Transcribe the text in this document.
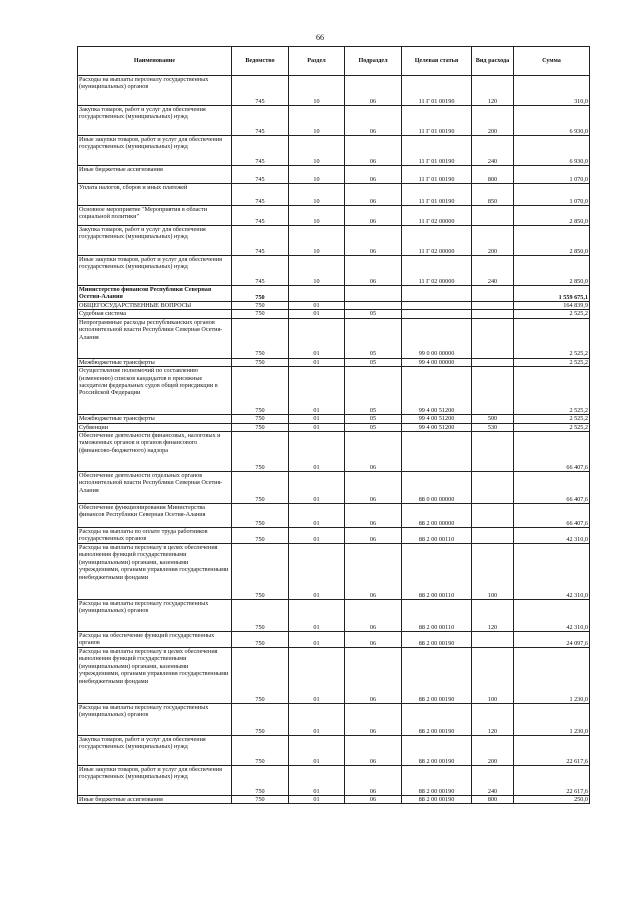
66
Наименование	Ведомство	Раздел	Подраздел	Целевая статья	Вид расхода	Сумма
Расходы на выплаты персоналу государственных (муниципальных) органов	745	10	06	11 Г 01 00190	120	310,0
Закупка товаров, работ и услуг для обеспечения государственных (муниципальных) нужд	745	10	06	11 Г 01 00190	200	6 930,0
Иные закупки товаров, работ и услуг для обеспечения государственных (муниципальных) нужд	745	10	06	11 Г 01 00190	240	6 930,0
Иные бюджетные ассигнования	745	10	06	11 Г 01 00190	800	1 070,0
Уплата налогов, сборов и иных платежей	745	10	06	11 Г 01 00190	850	1 070,0
Основное мероприятие "Мероприятия в области социальной политики"	745	10	06	11 Г 02 00000		2 850,0
Закупка товаров, работ и услуг для обеспечения государственных (муниципальных) нужд	745	10	06	11 Г 02 00000	200	2 850,0
Иные закупки товаров, работ и услуг для обеспечения государственных (муниципальных) нужд	745	10	06	11 Г 02 00000	240	2 850,0
Министерство финансов Республики Северная Осетия-Алания	750					1 559 675,1
ОБЩЕГОСУДАРСТВЕННЫЕ ВОПРОСЫ	750	01				164 839,9
Судебная система	750	01	05			2 525,2
Непрограммные расходы республиканских органов исполнительной власти Республики Северная Осетия-Алания	750	01	05	99 0 00 00000		2 525,2
Межбюджетные трансферты	750	01	05	99 4 00 00000		2 525,2
Осуществление полномочий по составлению (изменению) списков кандидатов в присяжные заседатели федеральных судов общей юрисдикции в Российской Федерации	750	01	05	99 4 00 51200		2 525,2
Межбюджетные трансферты	750	01	05	99 4 00 51200	500	2 525,2
Субвенции	750	01	05	99 4 00 51200	530	2 525,2
Обеспечение деятельности финансовых, налоговых и таможенных органов и органов финансового (финансово-бюджетного) надзора	750	01	06			66 407,6
Обеспечение деятельности отдельных органов исполнительной власти Республики Северная Осетия-Алания	750	01	06	88 0 00 00000		66 407,6
Обеспечение функционирования Министерства финансов Республики Северная Осетия-Алания	750	01	06	88 2 00 00000		66 407,6
Расходы на выплаты по оплате труда работников государственных органов	750	01	06	88 2 00 00110		42 310,0
Расходы на выплаты персоналу в целях обеспечения выполнения функций государственными (муниципальными) органами, казенными учреждениями, органами управления государственными внебюджетными фондами	750	01	06	88 2 00 00110	100	42 310,0
Расходы на выплаты персоналу государственных (муниципальных) органов	750	01	06	88 2 00 00110	120	42 310,0
Расходы на обеспечение функций государственных органов	750	01	06	88 2 00 00190		24 097,6
Расходы на выплаты персоналу в целях обеспечения выполнения функций государственными (муниципальными) органами, казенными учреждениями, органами управления государственными внебюджетными фондами	750	01	06	88 2 00 00190	100	1 230,0
Расходы на выплаты персоналу государственных (муниципальных) органов	750	01	06	88 2 00 00190	120	1 230,0
Закупка товаров, работ и услуг для обеспечения государственных (муниципальных) нужд	750	01	06	88 2 00 00190	200	22 617,6
Иные закупки товаров, работ и услуг для обеспечения государственных (муниципальных) нужд	750	01	06	88 2 00 00190	240	22 617,6
Иные бюджетные ассигнования	750	01	06	88 2 00 00190	800	250,0
